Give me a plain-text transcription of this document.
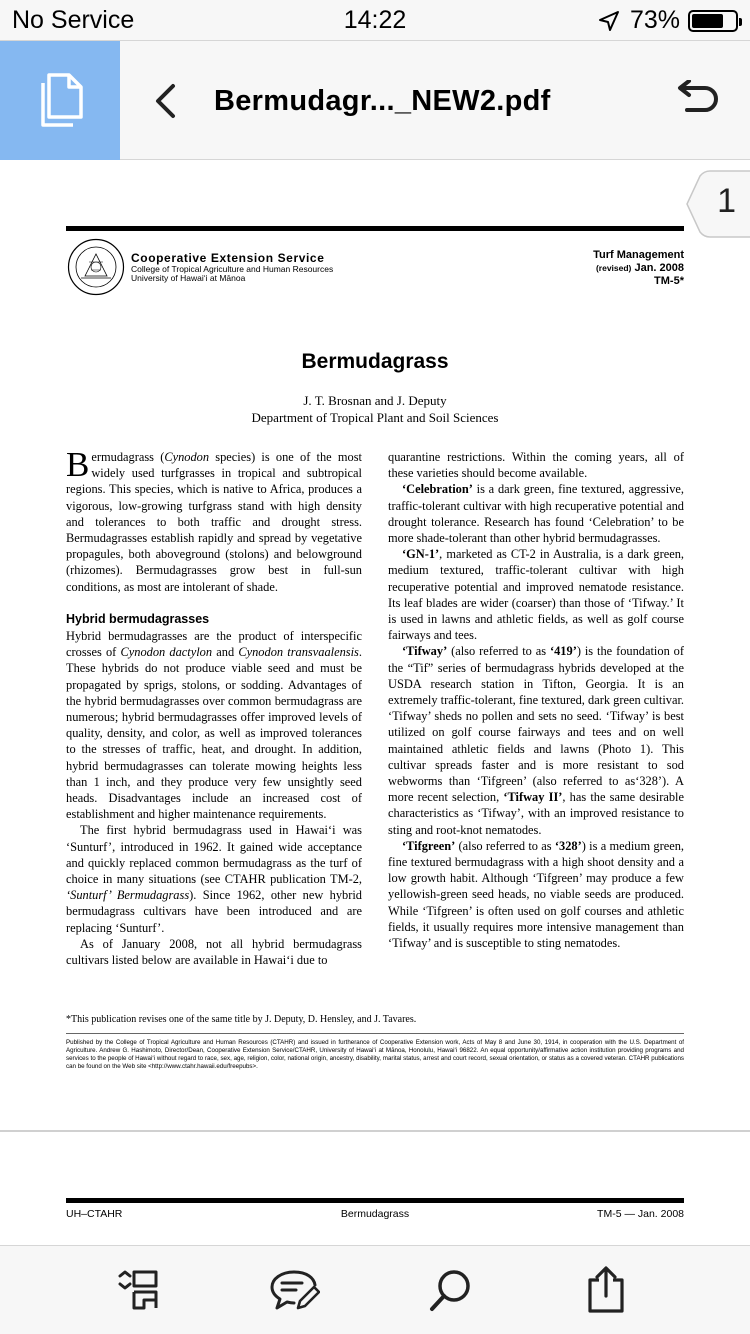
No Service	14:22	73%
Bermudagr..._NEW2.pdf
1
Cooperative Extension Service
College of Tropical Agriculture and Human Resources
University of Hawai‘i at Mānoa
Turf Management
(revised) Jan. 2008
TM-5*
Bermudagrass
J. T. Brosnan and J. Deputy
Department of Tropical Plant and Soil Sciences

Bermudagrass (Cynodon species) is one of the most widely used turfgrasses in tropical and subtropical regions. This species, which is native to Africa, produces a vigorous, low-growing turfgrass stand with high density and tolerances to both traffic and drought stress. Bermudagrasses establish rapidly and spread by vegetative propagules, both aboveground (stolons) and belowground (rhizomes). Bermudagrasses grow best in full-sun conditions, as most are intolerant of shade.

Hybrid bermudagrasses

Hybrid bermudagrasses are the product of interspecific crosses of Cynodon dactylon and Cynodon transvaalensis. These hybrids do not produce viable seed and must be propagated by sprigs, stolons, or sodding. Advantages of the hybrid bermudagrasses over common bermudagrass are numerous; hybrid bermudagrasses offer improved levels of quality, density, and color, as well as improved tolerances to the stresses of traffic, heat, and drought. In addition, hybrid bermudagrasses can tolerate mowing heights less than 1 inch, and they produce very few unsightly seed heads. Disadvantages include an increased cost of establishment and higher maintenance requirements.

The first hybrid bermudagrass used in Hawai‘i was ‘Sunturf’, introduced in 1962. It gained wide acceptance and quickly replaced common bermudagrass as the turf of choice in many situations (see CTAHR publication TM-2, ‘Sunturf’ Bermudagrass). Since 1962, other new hybrid bermudagrass cultivars have been introduced and are replacing ‘Sunturf’.

As of January 2008, not all hybrid bermudagrass cultivars listed below are available in Hawai‘i due to

quarantine restrictions. Within the coming years, all of these varieties should become available.

‘Celebration’ is a dark green, fine textured, aggressive, traffic-tolerant cultivar with high recuperative potential and drought tolerance. Research has found ‘Celebration’ to be more shade-tolerant than other hybrid bermudagrasses.

‘GN-1’, marketed as CT-2 in Australia, is a dark green, medium textured, traffic-tolerant cultivar with high recuperative potential and improved nematode resistance. Its leaf blades are wider (coarser) than those of ‘Tifway.’ It is used in lawns and athletic fields, as well as golf course fairways and tees.

‘Tifway’ (also referred to as ‘419’) is the foundation of the “Tif” series of bermudagrass hybrids developed at the USDA research station in Tifton, Georgia. It is an extremely traffic-tolerant, fine textured, dark green cultivar. ‘Tifway’ sheds no pollen and sets no seed. ‘Tifway’ is best utilized on golf course fairways and tees and on well maintained athletic fields and lawns (Photo 1). This cultivar spreads faster and is more resistant to sod webworms than ‘Tifgreen’ (also referred to as‘328’). A more recent selection, ‘Tifway II’, has the same desirable characteristics as ‘Tifway’, with an improved resistance to sting and root-knot nematodes.

‘Tifgreen’ (also referred to as ‘328’) is a medium green, fine textured bermudagrass with a high shoot density and a low growth habit. Although ‘Tifgreen’ may produce a few yellowish-green seed heads, no viable seeds are produced. While ‘Tifgreen’ is often used on golf courses and athletic fields, it usually requires more intensive management than ‘Tifway’ and is susceptible to sting nematodes.

*This publication revises one of the same title by J. Deputy, D. Hensley, and J. Tavares.
Published by the College of Tropical Agriculture and Human Resources (CTAHR) and issued in furtherance of Cooperative Extension work, Acts of May 8 and June 30, 1914, in cooperation with the U.S. Department of Agriculture. Andrew G. Hashimoto, Director/Dean, Cooperative Extension Service/CTAHR, University of Hawai‘i at Mānoa, Honolulu, Hawai‘i 96822. An equal opportunity/affirmative action institution providing programs and services to the people of Hawai‘i without regard to race, sex, age, religion, color, national origin, ancestry, disability, marital status, arrest and court record, sexual orientation, or status as a covered veteran. CTAHR publications can be found on the Web site <http://www.ctahr.hawaii.edu/freepubs>.
UH–CTAHR	Bermudagrass	TM-5 — Jan. 2008
